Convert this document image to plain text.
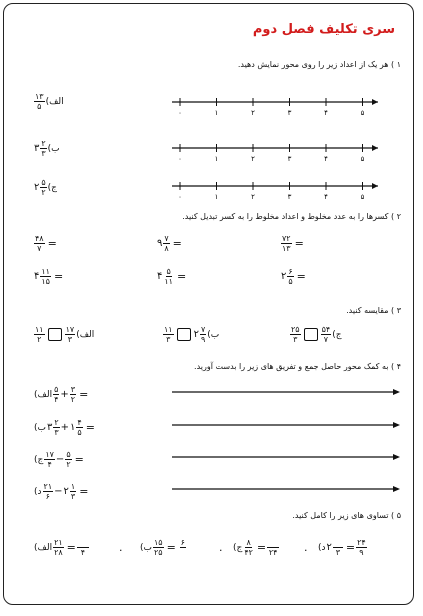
سری تکلیف فصل دوم
۱ ) هر یک از اعداد زیر را روی محور نمایش دهید.
$\frac{۱۳}{۵}$ الف)
۳ $\frac{۲}{۳}$ ب)
۲ $\frac{۵}{۲}$ ج)
۰	۱	۲	۳	۴	۵
۰	۱	۲	۳	۴	۵
۰	۱	۲	۳	۴	۵
۲ ) کسرها را به عدد مخلوط و اعداد مخلوط را به کسر تبدیل کنید.
$\frac{۴۸}{۷}$ =	۹ $\frac{۷}{۸}$ =	$\frac{۷۲}{۱۳}$ =
۴ $\frac{۱۱}{۱۵}$ =	۴ $\frac{۵}{۱۱}$ =	۲ $\frac{۶}{۵}$ =
۳ ) مقایسه کنید.
$\frac{۱۱}{۲}$	$\frac{۱۷}{۳}$ الف)	$\frac{۱۱}{۳}$ ۲ $\frac{۷}{۹}$ ب)	$\frac{۲۵}{۳}$	$\frac{۵۴}{۷}$ ج)
۴ ) به کمک محور حاصل جمع و تفریق های زیر را بدست آورید.
الف) $\frac{۵}{۴} + \frac{۳}{۲}$ =
ب) ۳ $\frac{۲}{۳}$ + ۱ $\frac{۴}{۵}$ =
ج) $\frac{۱۷}{۴} - \frac{۵}{۲}$ =
د) $\frac{۲۱}{۶}$ − ۲ $\frac{۱}{۳}$ =
۵ ) تساوی های زیر را کامل کنید.
الف) $\frac{۲۱}{۲۸}$ =
۴	. ب) $\frac{۱۵}{۲۵}$ = ۶
	. ج) $\frac{۸}{۴۲}$ =
۲۴ . د) ۲
۳ = $\frac{۲۴}{۹}$
